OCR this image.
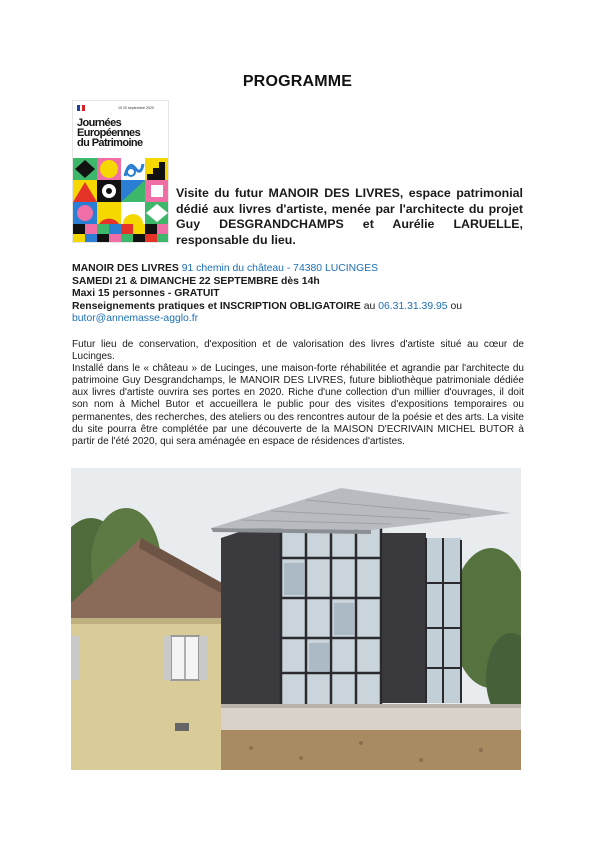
PROGRAMME
19 20 septembre 2020
Journées
Européennes
du Patrimoine
Visite du futur MANOIR DES LIVRES, espace patrimonial dédié aux livres d'artiste, menée par l'architecte du projet Guy DESGRANDCHAMPS et Aurélie LARUELLE, responsable du lieu.
MANOIR DES LIVRES 91 chemin du château - 74380 LUCINGES
SAMEDI 21 & DIMANCHE 22 SEPTEMBRE dès 14h
Maxi 15 personnes - GRATUIT
Renseignements pratiques et INSCRIPTION OBLIGATOIRE au 06.31.31.39.95 ou
butor@annemasse-agglo.fr

Futur lieu de conservation, d'exposition et de valorisation des livres d'artiste situé au cœur de Lucinges.

Installé dans le « château » de Lucinges, une maison-forte réhabilitée et agrandie par l'architecte du patrimoine Guy Desgrandchamps, le MANOIR DES LIVRES, future bibliothèque patrimoniale dédiée aux livres d'artiste ouvrira ses portes en 2020. Riche d'une collection d'un millier d'ouvrages, il doit son nom à Michel Butor et accueillera le public pour des visites d'expositions temporaires ou permanentes, des recherches, des ateliers ou des rencontres autour de la poésie et des arts. La visite du site pourra être complétée par une découverte de la MAISON D'ECRIVAIN MICHEL BUTOR à partir de l'été 2020, qui sera aménagée en espace de résidences d'artistes.
